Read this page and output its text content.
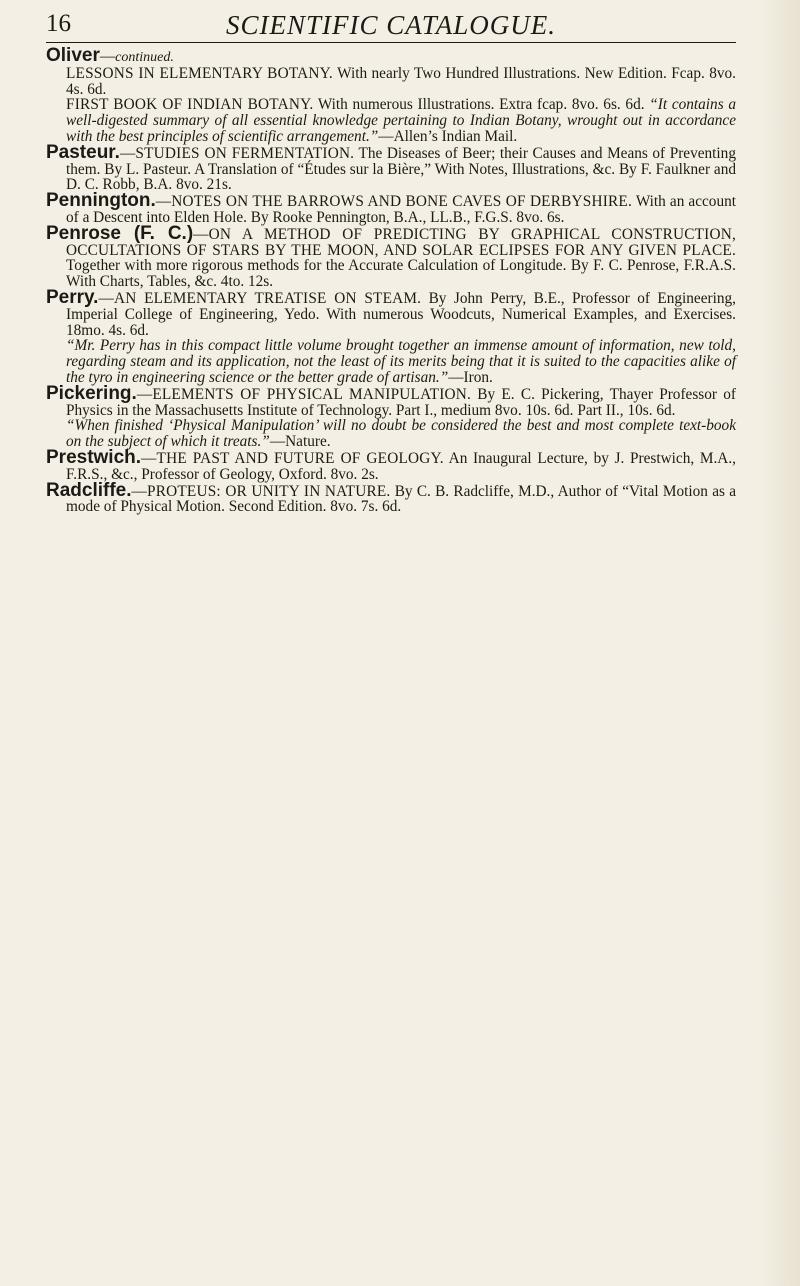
16	SCIENTIFIC CATALOGUE.
Oliver—continued.
LESSONS IN ELEMENTARY BOTANY. With nearly Two Hundred Illustrations. New Edition. Fcap. 8vo. 4s. 6d.
FIRST BOOK OF INDIAN BOTANY. With numerous Illustrations. Extra fcap. 8vo. 6s. 6d. “It contains a well-digested summary of all essential knowledge pertaining to Indian Botany, wrought out in accordance with the best principles of scientific arrangement.”—Allen’s Indian Mail.
Pasteur.—STUDIES ON FERMENTATION. The Diseases of Beer; their Causes and Means of Preventing them. By L. Pasteur. A Translation of “Études sur la Bière,” With Notes, Illustrations, &c. By F. Faulkner and D. C. Robb, B.A. 8vo. 21s.
Pennington.—NOTES ON THE BARROWS AND BONE CAVES OF DERBYSHIRE. With an account of a Descent into Elden Hole. By Rooke Pennington, B.A., LL.B., F.G.S. 8vo. 6s.
Penrose (F. C.)—ON A METHOD OF PREDICTING BY GRAPHICAL CONSTRUCTION, OCCULTATIONS OF STARS BY THE MOON, AND SOLAR ECLIPSES FOR ANY GIVEN PLACE. Together with more rigorous methods for the Accurate Calculation of Longitude. By F. C. Penrose, F.R.A.S. With Charts, Tables, &c. 4to. 12s.
Perry.—AN ELEMENTARY TREATISE ON STEAM. By John Perry, B.E., Professor of Engineering, Imperial College of Engineering, Yedo. With numerous Woodcuts, Numerical Examples, and Exercises. 18mo. 4s. 6d.
“Mr. Perry has in this compact little volume brought together an immense amount of information, new told, regarding steam and its application, not the least of its merits being that it is suited to the capacities alike of the tyro in engineering science or the better grade of artisan.”—Iron.
Pickering.—ELEMENTS OF PHYSICAL MANIPULATION. By E. C. Pickering, Thayer Professor of Physics in the Massachusetts Institute of Technology. Part I., medium 8vo. 10s. 6d. Part II., 10s. 6d.
“When finished ‘Physical Manipulation’ will no doubt be considered the best and most complete text-book on the subject of which it treats.”—Nature.
Prestwich.—THE PAST AND FUTURE OF GEOLOGY. An Inaugural Lecture, by J. Prestwich, M.A., F.R.S., &c., Professor of Geology, Oxford. 8vo. 2s.
Radcliffe.—PROTEUS: OR UNITY IN NATURE. By C. B. Radcliffe, M.D., Author of “Vital Motion as a mode of Physical Motion. Second Edition. 8vo. 7s. 6d.
